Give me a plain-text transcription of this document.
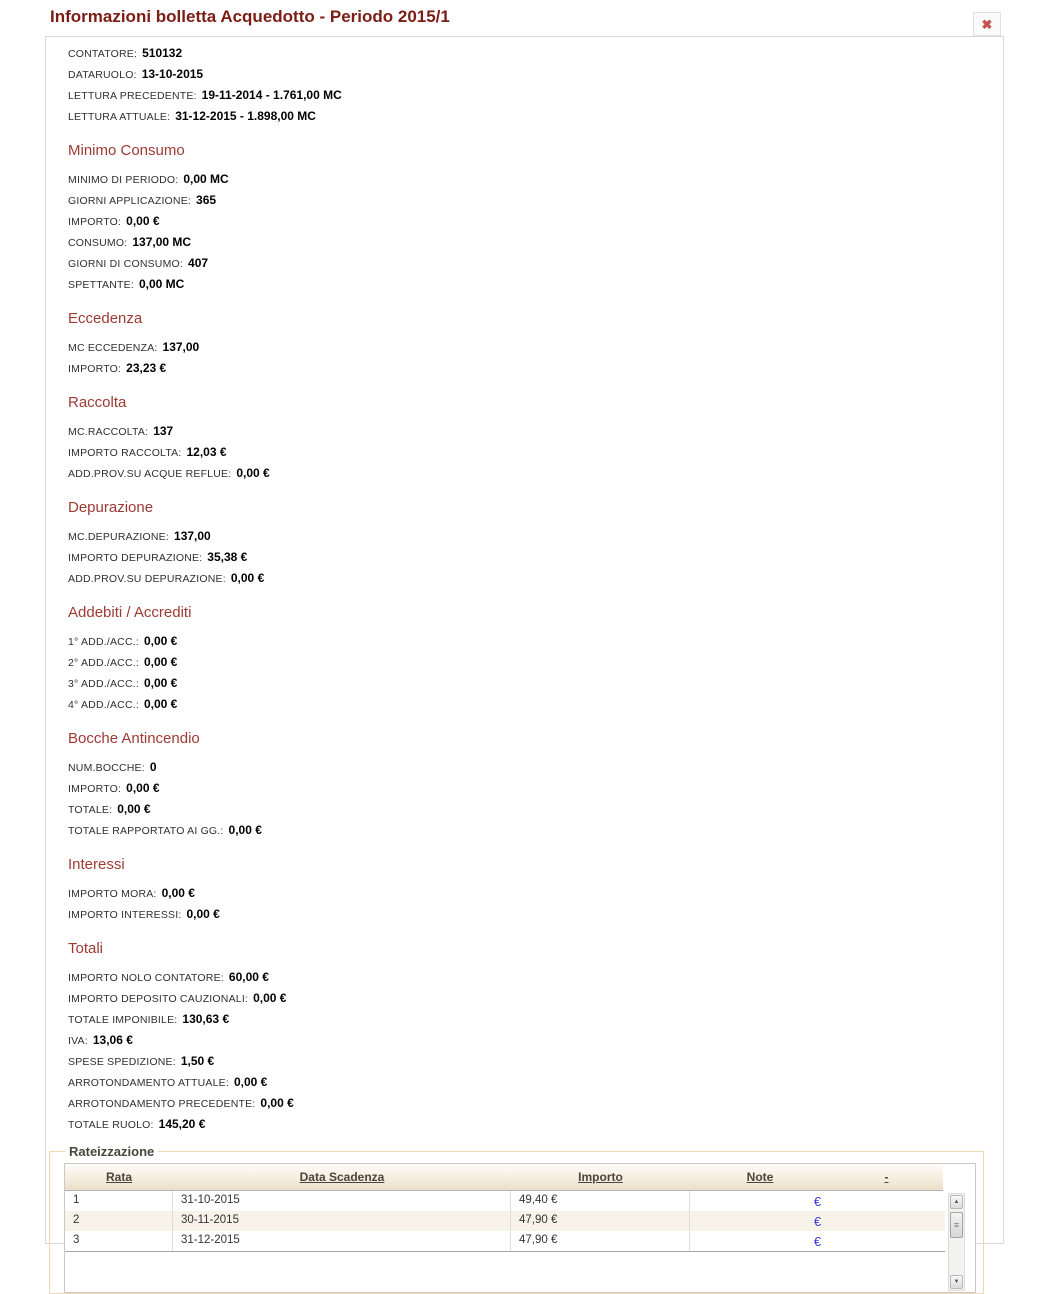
Informazioni bolletta Acquedotto - Periodo 2015/1	✖
CONTATORE: 510132
DATARUOLO: 13-10-2015
LETTURA PRECEDENTE: 19-11-2014 - 1.761,00 MC
LETTURA ATTUALE: 31-12-2015 - 1.898,00 MC
Minimo Consumo
MINIMO DI PERIODO: 0,00 MC
GIORNI APPLICAZIONE: 365
IMPORTO: 0,00 €
CONSUMO: 137,00 MC
GIORNI DI CONSUMO: 407
SPETTANTE: 0,00 MC
Eccedenza
MC ECCEDENZA: 137,00
IMPORTO: 23,23 €
Raccolta
MC.RACCOLTA: 137
IMPORTO RACCOLTA: 12,03 €
ADD.PROV.SU ACQUE REFLUE: 0,00 €
Depurazione
MC.DEPURAZIONE: 137,00
IMPORTO DEPURAZIONE: 35,38 €
ADD.PROV.SU DEPURAZIONE: 0,00 €
Addebiti / Accrediti
1° ADD./ACC.: 0,00 €
2° ADD./ACC.: 0,00 €
3° ADD./ACC.: 0,00 €
4° ADD./ACC.: 0,00 €
Bocche Antincendio
NUM.BOCCHE: 0
IMPORTO: 0,00 €
TOTALE: 0,00 €
TOTALE RAPPORTATO AI GG.: 0,00 €
Interessi
IMPORTO MORA: 0,00 €
IMPORTO INTERESSI: 0,00 €
Totali
IMPORTO NOLO CONTATORE: 60,00 €
IMPORTO DEPOSITO CAUZIONALI: 0,00 €
TOTALE IMPONIBILE: 130,63 €
IVA: 13,06 €
SPESE SPEDIZIONE: 1,50 €
ARROTONDAMENTO ATTUALE: 0,00 €
ARROTONDAMENTO PRECEDENTE: 0,00 €
TOTALE RUOLO: 145,20 €
Rateizzazione
Rata	Data Scadenza	Importo	Note	-
1	31-10-2015	49,40 €	€
2	30-11-2015	47,90 €	€
3	31-12-2015	47,90 €	€
▲
≡
▼
